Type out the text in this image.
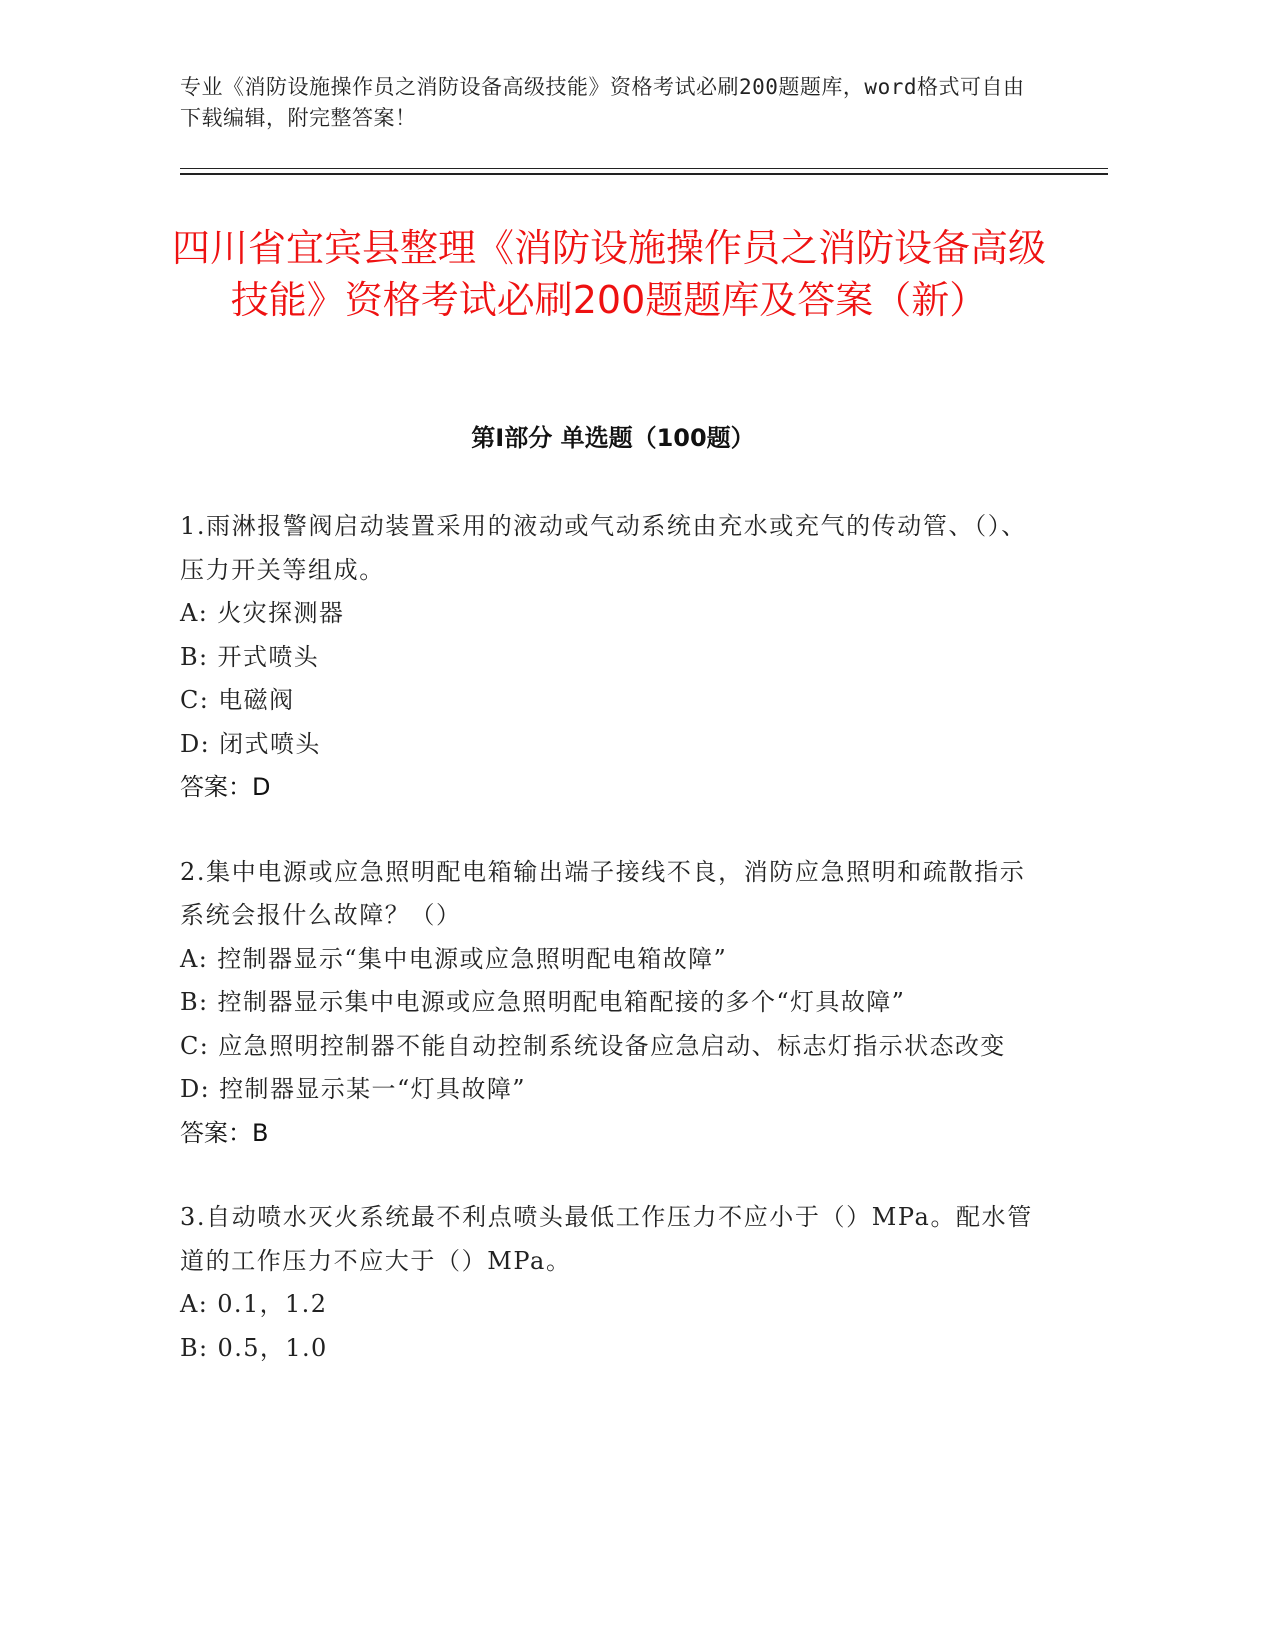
专业《消防设施操作员之消防设备高级技能》资格考试必刷200题题库，word格式可自由下载编辑，附完整答案！
四川省宜宾县整理《消防设施操作员之消防设备高级技能》资格考试必刷200题题库及答案（新）
第Ⅰ部分 单选题（100题）

1.雨淋报警阀启动装置采用的液动或气动系统由充水或充气的传动管、（）、压力开关等组成。

A: 火灾探测器

B: 开式喷头

C: 电磁阀

D: 闭式喷头

答案：D

2.集中电源或应急照明配电箱输出端子接线不良，消防应急照明和疏散指示系统会报什么故障？（）

A: 控制器显示“集中电源或应急照明配电箱故障”

B: 控制器显示集中电源或应急照明配电箱配接的多个“灯具故障”

C: 应急照明控制器不能自动控制系统设备应急启动、标志灯指示状态改变

D: 控制器显示某一“灯具故障”

答案：B

3.自动喷水灭火系统最不利点喷头最低工作压力不应小于（）MPa。配水管道的工作压力不应大于（）MPa。

A: 0.1，1.2

B: 0.5，1.0
